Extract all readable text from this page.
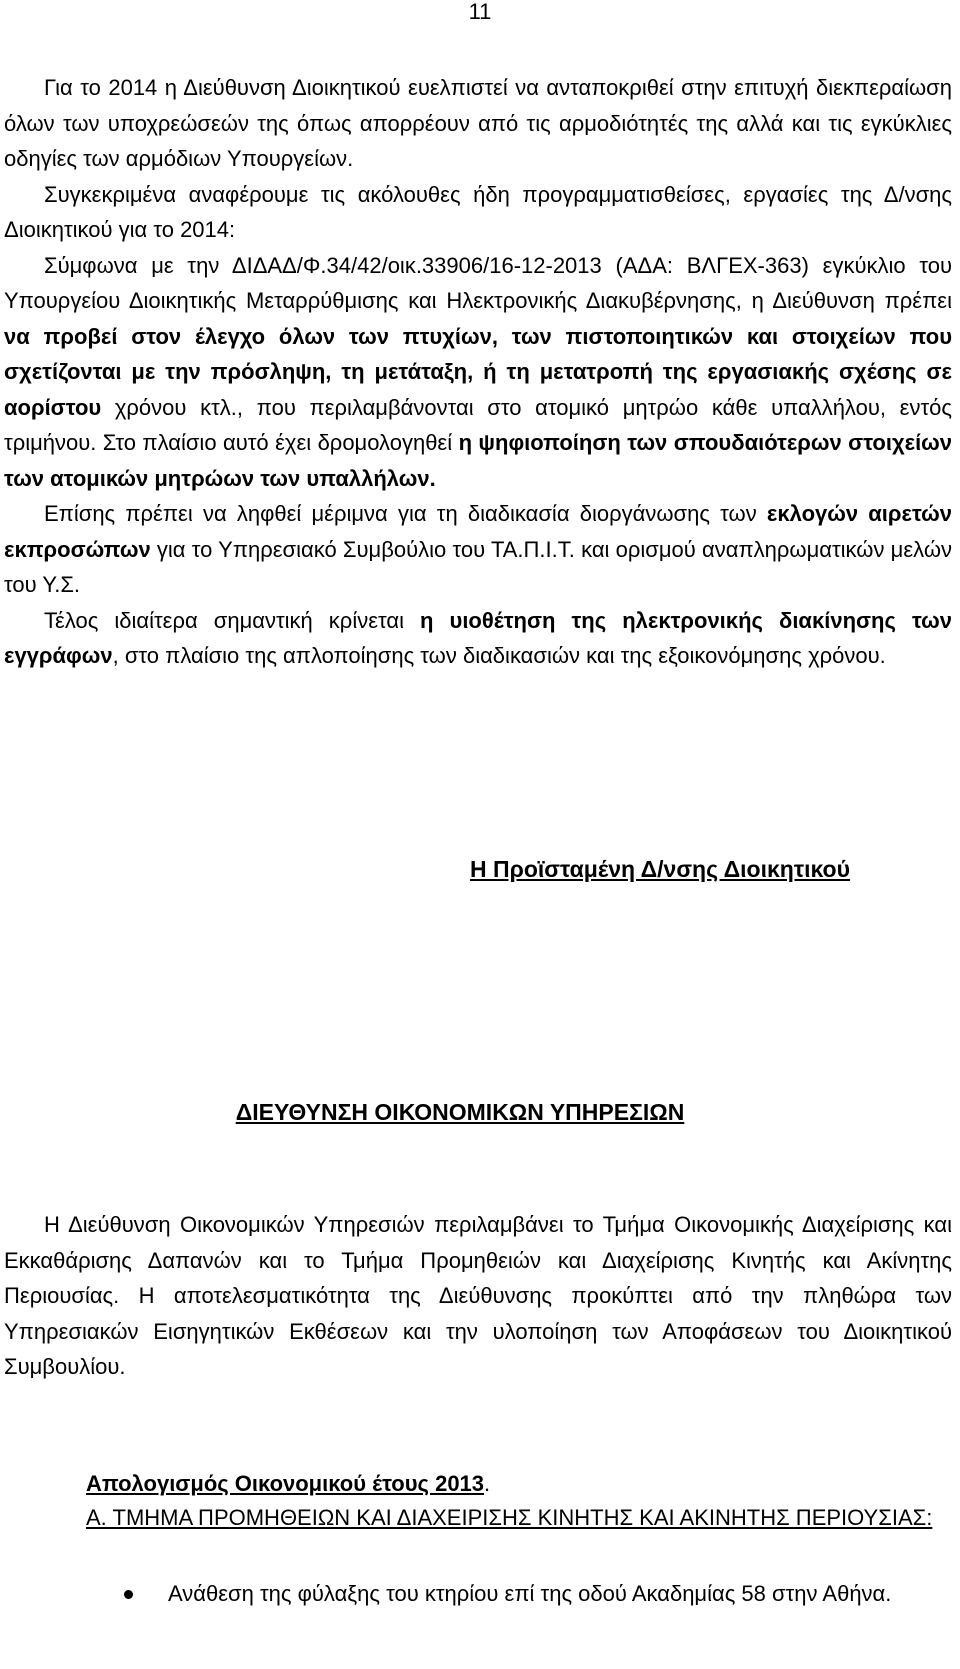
11

Για το 2014 η Διεύθυνση Διοικητικού ευελπιστεί να ανταποκριθεί στην επιτυχή διεκπεραίωση όλων των υποχρεώσεών της όπως απορρέουν από τις αρμοδιότητές της αλλά και τις εγκύκλιες οδηγίες των αρμόδιων Υπουργείων.

Συγκεκριμένα αναφέρουμε τις ακόλουθες ήδη προγραμματισθείσες, εργασίες της Δ/νσης Διοικητικού για το 2014:

Σύμφωνα με την ΔΙΔΑΔ/Φ.34/42/οικ.33906/16-12-2013 (ΑΔΑ: ΒΛΓΕΧ-363) εγκύκλιο του Υπουργείου Διοικητικής Μεταρρύθμισης και Ηλεκτρονικής Διακυβέρνησης, η Διεύθυνση πρέπει να προβεί στον έλεγχο όλων των πτυχίων, των πιστοποιητικών και στοιχείων που σχετίζονται με την πρόσληψη, τη μετάταξη, ή τη μετατροπή της εργασιακής σχέσης σε αορίστου χρόνου κτλ., που περιλαμβάνονται στο ατομικό μητρώο κάθε υπαλλήλου, εντός τριμήνου. Στο πλαίσιο αυτό έχει δρομολογηθεί η ψηφιοποίηση των σπουδαιότερων στοιχείων των ατομικών μητρώων των υπαλλήλων.

Επίσης πρέπει να ληφθεί μέριμνα για τη διαδικασία διοργάνωσης των εκλογών αιρετών εκπροσώπων για το Υπηρεσιακό Συμβούλιο του ΤΑ.Π.Ι.Τ. και ορισμού αναπληρωματικών μελών του Υ.Σ.

Τέλος ιδιαίτερα σημαντική κρίνεται η υιοθέτηση της ηλεκτρονικής διακίνησης των εγγράφων, στο πλαίσιο της απλοποίησης των διαδικασιών και της εξοικονόμησης χρόνου.

Η Προϊσταμένη Δ/νσης Διοικητικού
ΔΙΕΥΘΥΝΣΗ ΟΙΚΟΝΟΜΙΚΩΝ ΥΠΗΡΕΣΙΩΝ

Η Διεύθυνση Οικονομικών Υπηρεσιών περιλαμβάνει το Τμήμα Οικονομικής Διαχείρισης και Εκκαθάρισης Δαπανών και το Τμήμα Προμηθειών και Διαχείρισης Κινητής και Ακίνητης Περιουσίας. Η αποτελεσματικότητα της Διεύθυνσης προκύπτει από την πληθώρα των Υπηρεσιακών Εισηγητικών Εκθέσεων και την υλοποίηση των Αποφάσεων του Διοικητικού Συμβουλίου.

Απολογισμός Οικονομικού έτους 2013.
Α. ΤΜΗΜΑ ΠΡΟΜΗΘΕΙΩΝ ΚΑΙ ΔΙΑΧΕΙΡΙΣΗΣ ΚΙΝΗΤΗΣ ΚΑΙ ΑΚΙΝΗΤΗΣ ΠΕΡΙΟΥΣΙΑΣ:
Ανάθεση της φύλαξης του κτηρίου επί της οδού Ακαδημίας 58 στην Αθήνα.
